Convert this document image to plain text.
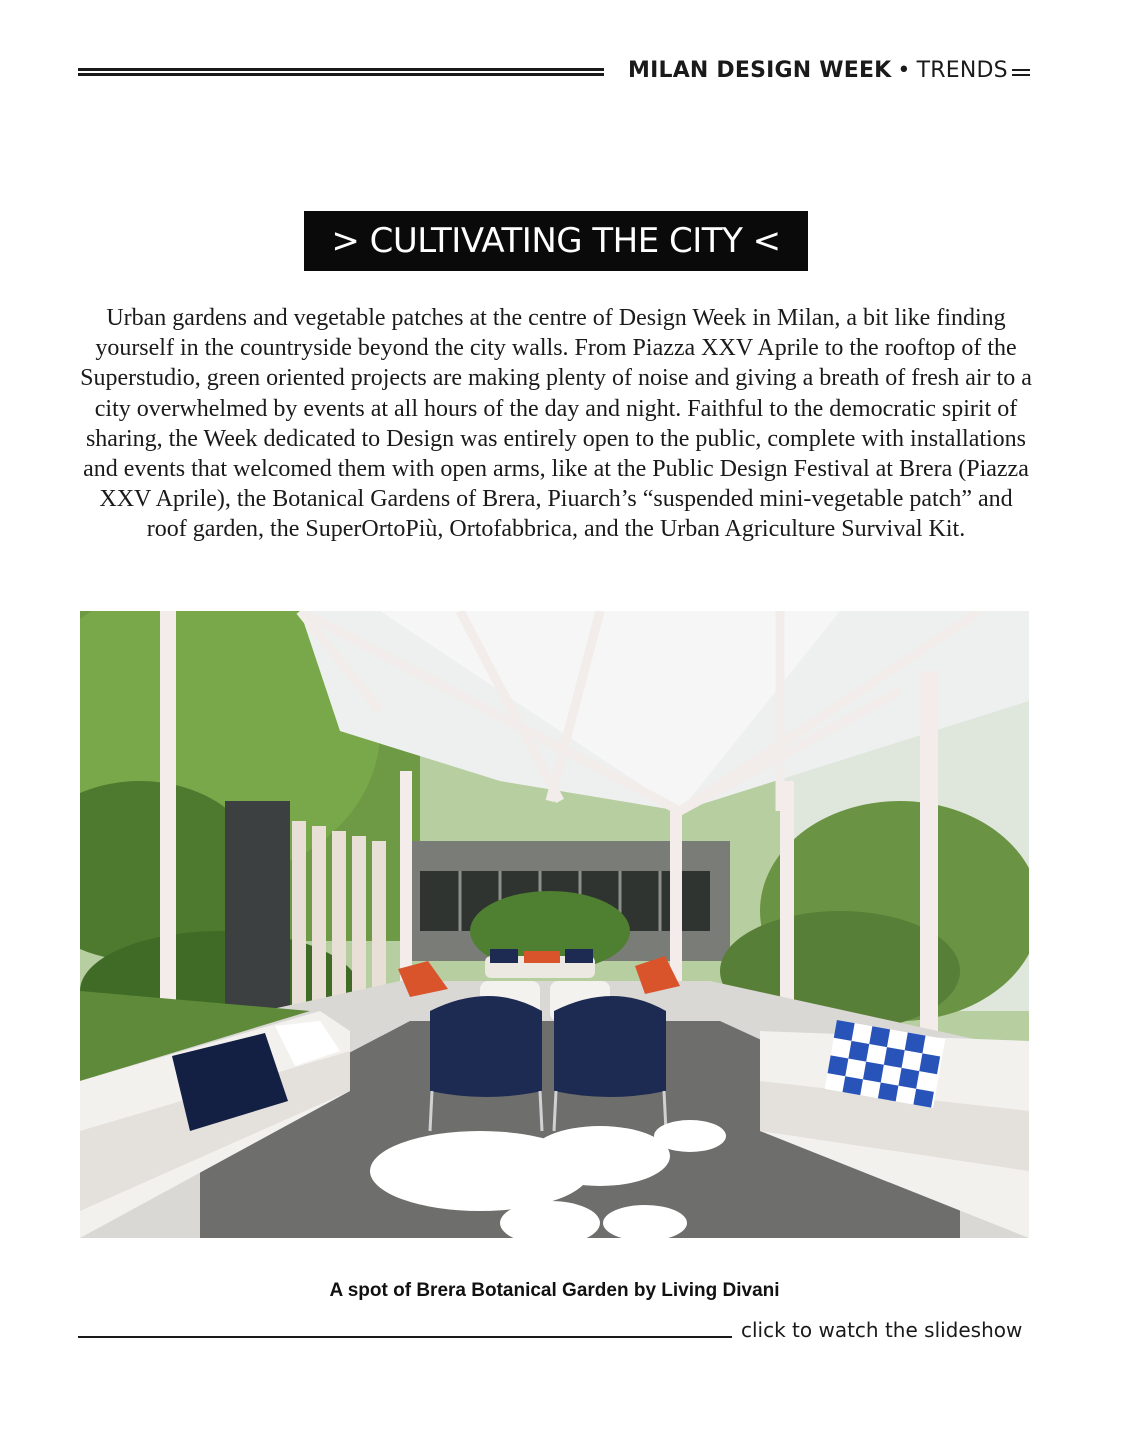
MILAN DESIGN WEEK • TRENDS
> CULTIVATING THE CITY <
Urban gardens and vegetable patches at the centre of Design Week in Milan, a bit like finding yourself in the countryside beyond the city walls. From Piazza XXV Aprile to the rooftop of the Superstudio, green oriented projects are making plenty of noise and giving a breath of fresh air to a city overwhelmed by events at all hours of the day and night. Faithful to the democratic spirit of sharing, the Week dedicated to Design was entirely open to the public, complete with installations and events that welcomed them with open arms, like at the Public Design Festival at Brera (Piazza XXV Aprile), the Botanical Gardens of Brera, Piuarch’s “suspended mini-vegetable patch” and roof garden, the SuperOrtoPiù, Ortofabbrica, and the Urban Agriculture Survival Kit.
A spot of Brera Botanical Garden by Living Divani
click to watch the slideshow
